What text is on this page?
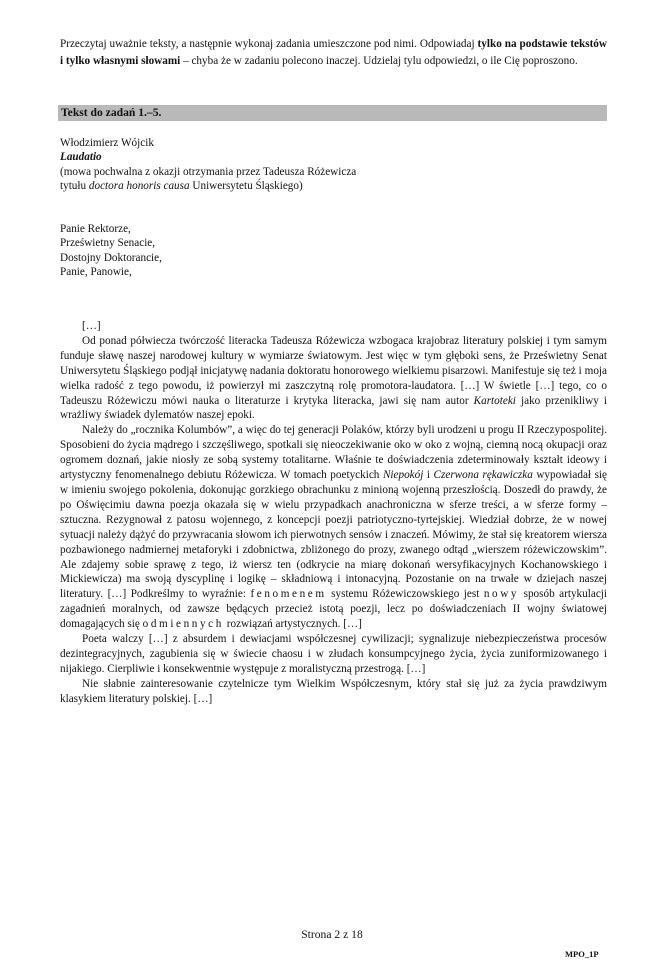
Przeczytaj uważnie teksty, a następnie wykonaj zadania umieszczone pod nimi. Odpowiadaj tylko na podstawie tekstów i tylko własnymi słowami – chyba że w zadaniu polecono inaczej. Udzielaj tylu odpowiedzi, o ile Cię poproszono.
Tekst do zadań 1.–5.
Włodzimierz Wójcik
Laudatio
(mowa pochwalna z okazji otrzymania przez Tadeusza Różewicza
tytułu doctora honoris causa Uniwersytetu Śląskiego)
Panie Rektorze,
Prześwietny Senacie,
Dostojny Doktorancie,
Panie, Panowie,

[…]

Od ponad półwiecza twórczość literacka Tadeusza Różewicza wzbogaca krajobraz literatury polskiej i tym samym funduje sławę naszej narodowej kultury w wymiarze światowym. Jest więc w tym głęboki sens, że Prześwietny Senat Uniwersytetu Śląskiego podjął inicjatywę nadania doktoratu honorowego wielkiemu pisarzowi. Manifestuje się też i moja wielka radość z tego powodu, iż powierzył mi zaszczytną rolę promotora-laudatora. […] W świetle […] tego, co o Tadeuszu Różewiczu mówi nauka o literaturze i krytyka literacka, jawi się nam autor Kartoteki jako przenikliwy i wrażliwy świadek dylematów naszej epoki.

Należy do „rocznika Kolumbów”, a więc do tej generacji Polaków, którzy byli urodzeni u progu II Rzeczypospolitej. Sposobieni do życia mądrego i szczęśliwego, spotkali się nieoczekiwanie oko w oko z wojną, ciemną nocą okupacji oraz ogromem doznań, jakie niosły ze sobą systemy totalitarne. Właśnie te doświadczenia zdeterminowały kształt ideowy i artystyczny fenomenalnego debiutu Różewicza. W tomach poetyckich Niepokój i Czerwona rękawiczka wypowiadał się w imieniu swojego pokolenia, dokonując gorzkiego obrachunku z minioną wojenną przeszłością. Doszedł do prawdy, że po Oświęcimiu dawna poezja okazała się w wielu przypadkach anachroniczna w sferze treści, a w sferze formy – sztuczna. Rezygnował z patosu wojennego, z koncepcji poezji patriotyczno-tyrtejskiej. Wiedział dobrze, że w nowej sytuacji należy dążyć do przywracania słowom ich pierwotnych sensów i znaczeń. Mówimy, że stał się kreatorem wiersza pozbawionego nadmiernej metaforyki i zdobnictwa, zbliżonego do prozy, zwanego odtąd „wierszem różewiczowskim”. Ale zdajemy sobie sprawę z tego, iż wiersz ten (odkrycie na miarę dokonań wersyfikacyjnych Kochanowskiego i Mickiewicza) ma swoją dyscyplinę i logikę – składniową i intonacyjną. Pozostanie on na trwałe w dziejach naszej literatury. […] Podkreślmy to wyraźnie: fenomenem systemu Różewiczowskiego jest nowy sposób artykulacji zagadnień moralnych, od zawsze będących przecież istotą poezji, lecz po doświadczeniach II wojny światowej domagających się odmiennych rozwiązań artystycznych. […]

Poeta walczy […] z absurdem i dewiacjami współczesnej cywilizacji; sygnalizuje niebezpieczeństwa procesów dezintegracyjnych, zagubienia się w świecie chaosu i w złudach konsumpcyjnego życia, życia zuniformizowanego i nijakiego. Cierpliwie i konsekwentnie występuje z moralistyczną przestrogą. […]

Nie słabnie zainteresowanie czytelnicze tym Wielkim Współczesnym, który stał się już za życia prawdziwym klasykiem literatury polskiej. […]

Strona 2 z 18
MPO_1P
